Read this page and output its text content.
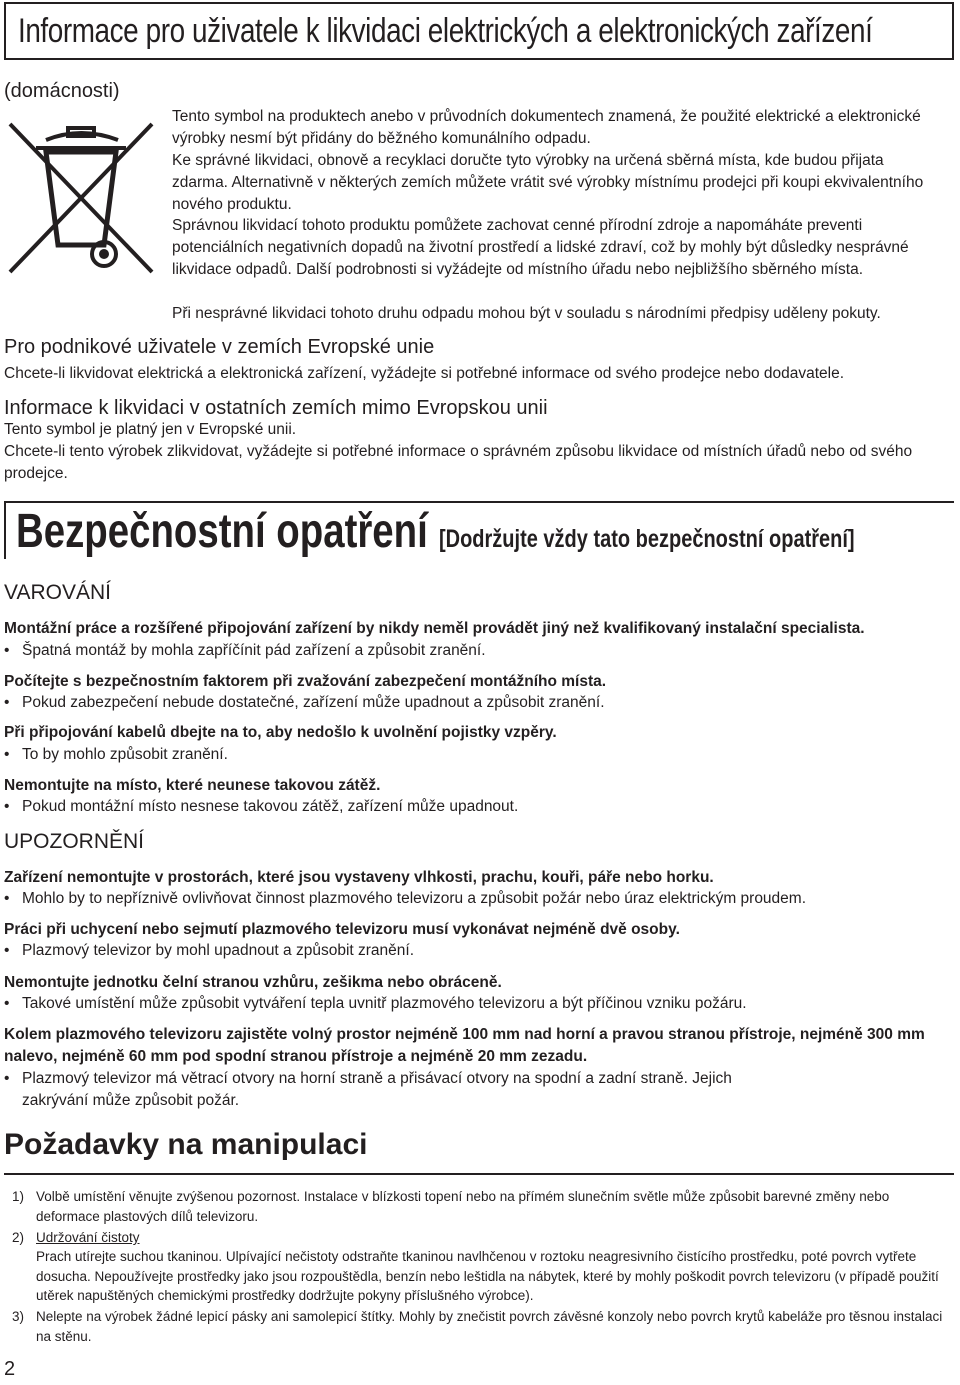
Informace pro uživatele k likvidaci elektrických a elektronických zařízení
(domácnosti)
Tento symbol na produktech anebo v průvodních dokumentech znamená, že použité elektrické a elektronické výrobky nesmí být přidány do běžného komunálního odpadu.
Ke správné likvidaci, obnově a recyklaci doručte tyto výrobky na určená sběrná místa, kde budou přijata zdarma. Alternativně v některých zemích můžete vrátit své výrobky místnímu prodejci při koupi ekvivalentního nového produktu.
Správnou likvidací tohoto produktu pomůžete zachovat cenné přírodní zdroje a napomáháte preventi potenciálních negativních dopadů na životní prostředí a lidské zdraví, což by mohly být důsledky nesprávné likvidace odpadů. Další podrobnosti si vyžádejte od místního úřadu nebo nejbližšího sběrného místa.
Při nesprávné likvidaci tohoto druhu odpadu mohou být v souladu s národními předpisy uděleny pokuty.
Pro podnikové uživatele v zemích Evropské unie
Chcete-li likvidovat elektrická a elektronická zařízení, vyžádejte si potřebné informace od svého prodejce nebo dodavatele.
Informace k likvidaci v ostatních zemích mimo Evropskou unii
Tento symbol je platný jen v Evropské unii.
Chcete-li tento výrobek zlikvidovat, vyžádejte si potřebné informace o správném způsobu likvidace od místních úřadů nebo od svého prodejce.
Bezpečnostní opatření [Dodržujte vždy tato bezpečnostní opatření]
VAROVÁNÍ
Montážní práce a rozšířené připojování zařízení by nikdy neměl provádět jiný než kvalifikovaný instalační specialista.
• Špatná montáž by mohla zapříčínit pád zařízení a způsobit zranění.
Počítejte s bezpečnostním faktorem při zvažování zabezpečení montážního místa.
• Pokud zabezpečení nebude dostatečné, zařízení může upadnout a způsobit zranění.
Při připojování kabelů dbejte na to, aby nedošlo k uvolnění pojistky vzpěry.
• To by mohlo způsobit zranění.
Nemontujte na místo, které neunese takovou zátěž.
• Pokud montážní místo nesnese takovou zátěž, zařízení může upadnout.
UPOZORNĚNÍ
Zařízení nemontujte v prostorách, které jsou vystaveny vlhkosti, prachu, kouři, páře nebo horku.
• Mohlo by to nepříznivě ovlivňovat činnost plazmového televizoru a způsobit požár nebo úraz elektrickým proudem.
Práci při uchycení nebo sejmutí plazmového televizoru musí vykonávat nejméně dvě osoby.
• Plazmový televizor by mohl upadnout a způsobit zranění.
Nemontujte jednotku čelní stranou vzhůru, zešikma nebo obráceně.
• Takové umístění může způsobit vytváření tepla uvnitř plazmového televizoru a být příčinou vzniku požáru.
Kolem plazmového televizoru zajistěte volný prostor nejméně 100 mm nad horní a pravou stranou přístroje, nejméně 300 mm nalevo, nejméně 60 mm pod spodní stranou přístroje a nejméně 20 mm zezadu.
• Plazmový televizor má větrací otvory na horní straně a přisávací otvory na spodní a zadní straně. Jejich zakrývání může způsobit požár.
Požadavky na manipulaci
1) Volbě umístění věnujte zvýšenou pozornost. Instalace v blízkosti topení nebo na přímém slunečním světle může způsobit barevné změny nebo deformace plastových dílů televizoru.
2) Udržování čistoty
Prach utírejte suchou tkaninou. Ulpívající nečistoty odstraňte tkaninou navlhčenou v roztoku neagresivního čistícího prostředku, poté povrch vytřete dosucha. Nepoužívejte prostředky jako jsou rozpouštědla, benzín nebo leštidla na nábytek, které by mohly poškodit povrch televizoru (v případě použití utěrek napuštěných chemickými prostředky dodržujte pokyny příslušného výrobce).
3) Nelepte na výrobek žádné lepicí pásky ani samolepicí štítky. Mohly by znečistit povrch závěsné konzoly nebo povrch krytů kabeláže pro těsnou instalaci na stěnu.
2
